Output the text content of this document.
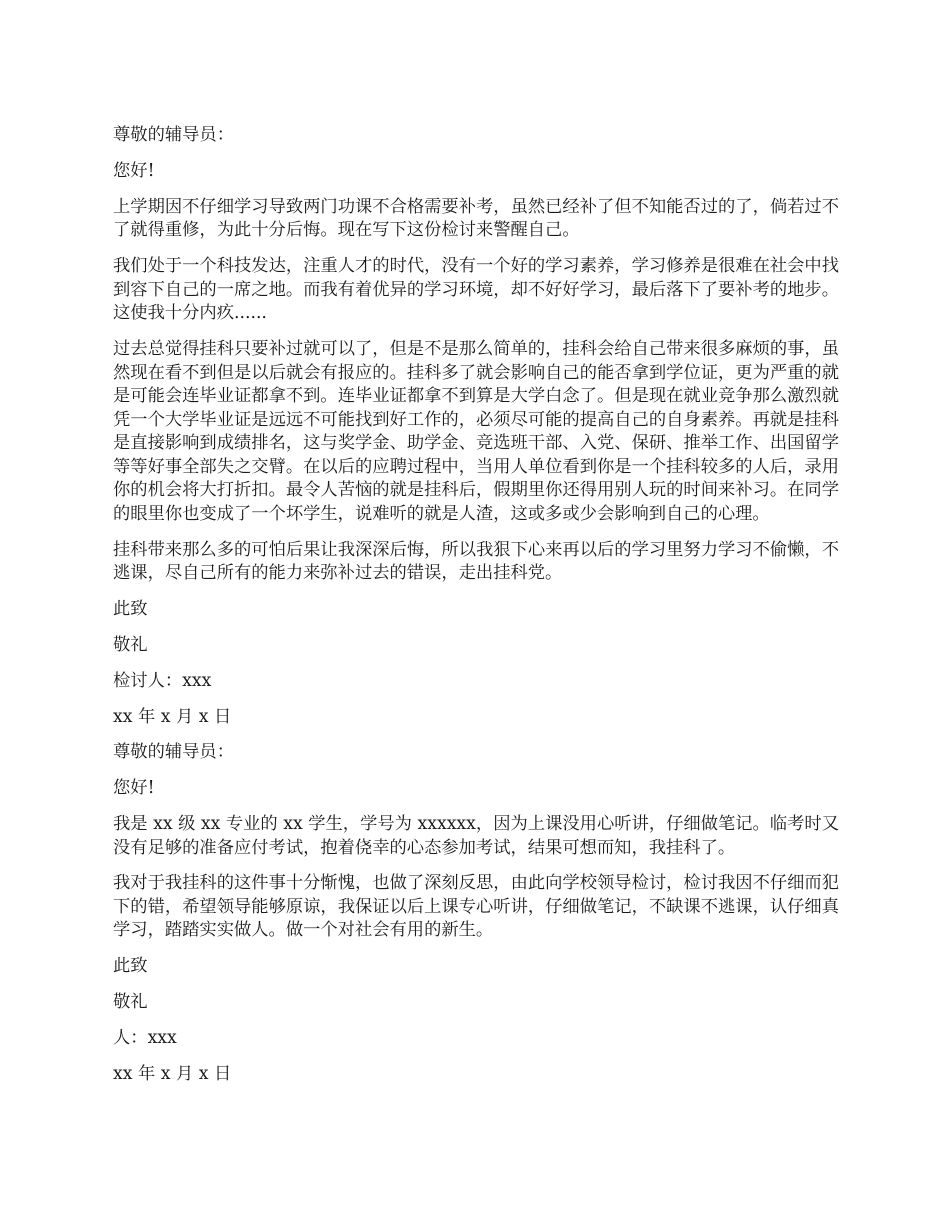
尊敬的辅导员：

您好!

上学期因不仔细学习导致两门功课不合格需要补考，虽然已经补了但不知能否过的了，倘若过不了就得重修，为此十分后悔。现在写下这份检讨来警醒自己。

我们处于一个科技发达，注重人才的时代，没有一个好的学习素养，学习修养是很难在社会中找到容下自己的一席之地。而我有着优异的学习环境，却不好好学习，最后落下了要补考的地步。这使我十分内疚......

过去总觉得挂科只要补过就可以了，但是不是那么简单的，挂科会给自己带来很多麻烦的事，虽然现在看不到但是以后就会有报应的。挂科多了就会影响自己的能否拿到学位证，更为严重的就是可能会连毕业证都拿不到。连毕业证都拿不到算是大学白念了。但是现在就业竞争那么激烈就凭一个大学毕业证是远远不可能找到好工作的，必须尽可能的提高自己的自身素养。再就是挂科是直接影响到成绩排名，这与奖学金、助学金、竞选班干部、入党、保研、推举工作、出国留学等等好事全部失之交臂。在以后的应聘过程中，当用人单位看到你是一个挂科较多的人后，录用你的机会将大打折扣。最令人苦恼的就是挂科后，假期里你还得用别人玩的时间来补习。在同学的眼里你也变成了一个坏学生，说难听的就是人渣，这或多或少会影响到自己的心理。

挂科带来那么多的可怕后果让我深深后悔，所以我狠下心来再以后的学习里努力学习不偷懒，不逃课，尽自己所有的能力来弥补过去的错误，走出挂科党。

此致

敬礼

检讨人：xxx

xx 年 x 月 x 日

尊敬的辅导员：

您好!

我是 xx 级 xx 专业的 xx 学生，学号为 xxxxxx，因为上课没用心听讲，仔细做笔记。临考时又没有足够的准备应付考试，抱着侥幸的心态参加考试，结果可想而知，我挂科了。

我对于我挂科的这件事十分惭愧，也做了深刻反思，由此向学校领导检讨，检讨我因不仔细而犯下的错，希望领导能够原谅，我保证以后上课专心听讲，仔细做笔记，不缺课不逃课，认仔细真学习，踏踏实实做人。做一个对社会有用的新生。

此致

敬礼

人：xxx

xx 年 x 月 x 日
